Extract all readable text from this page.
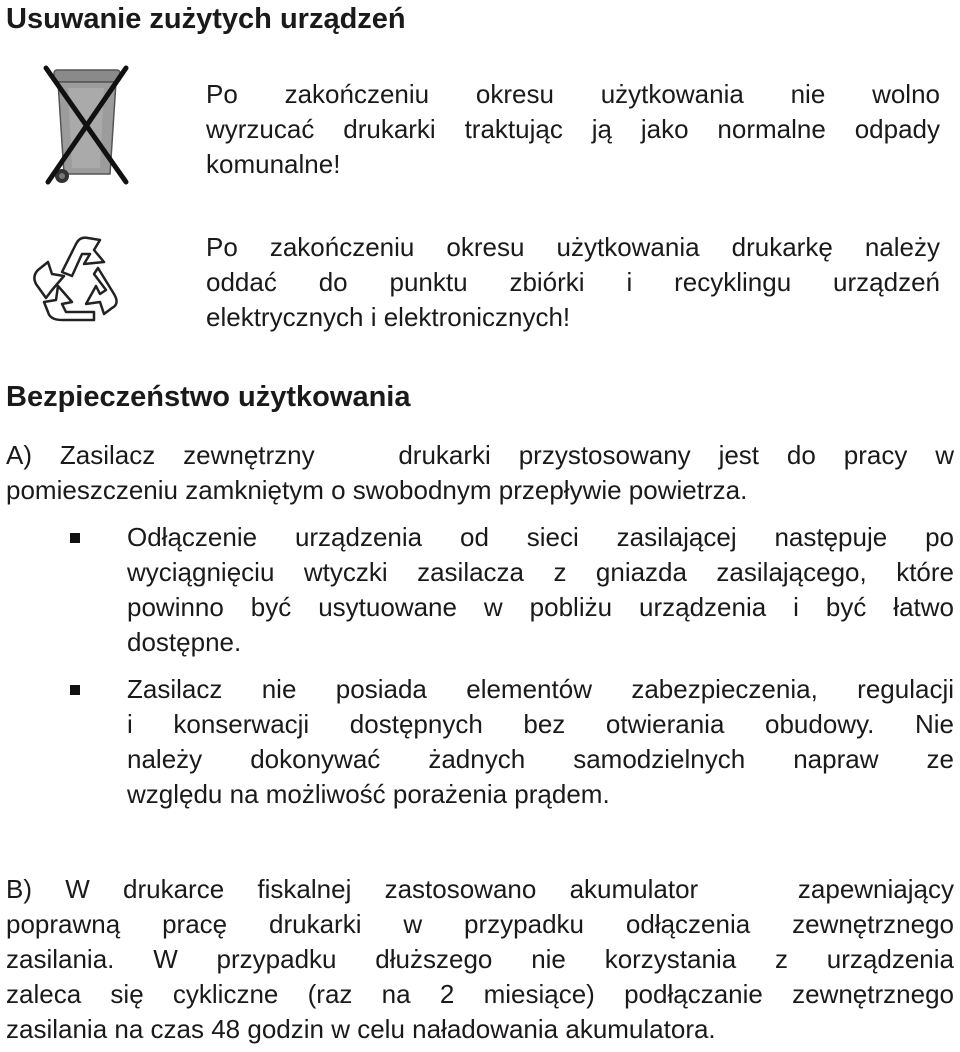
Usuwanie zużytych urządzeń
Po zakończeniu okresu użytkowania nie wolno
wyrzucać drukarki traktując ją jako normalne odpady
komunalne!
Po zakończeniu okresu użytkowania drukarkę należy
oddać do punktu zbiórki i recyklingu urządzeń
elektrycznych i elektronicznych!
Bezpieczeństwo użytkowania
A) Zasilacz zewnętrzny   drukarki przystosowany jest do pracy w
pomieszczeniu zamkniętym o swobodnym przepływie powietrza.
Odłączenie urządzenia od sieci zasilającej następuje po
wyciągnięciu wtyczki zasilacza z gniazda zasilającego, które
powinno być usytuowane w pobliżu urządzenia i być łatwo
dostępne.
Zasilacz nie posiada elementów zabezpieczenia, regulacji
i konserwacji dostępnych bez otwierania obudowy. Nie
należy dokonywać żadnych samodzielnych napraw ze
względu na możliwość porażenia prądem.
B) W drukarce fiskalnej zastosowano akumulator   zapewniający
poprawną pracę drukarki w przypadku odłączenia zewnętrznego
zasilania. W przypadku dłuższego nie korzystania z urządzenia
zaleca się cykliczne (raz na 2 miesiące) podłączanie zewnętrznego
zasilania na czas 48 godzin w celu naładowania akumulatora.
